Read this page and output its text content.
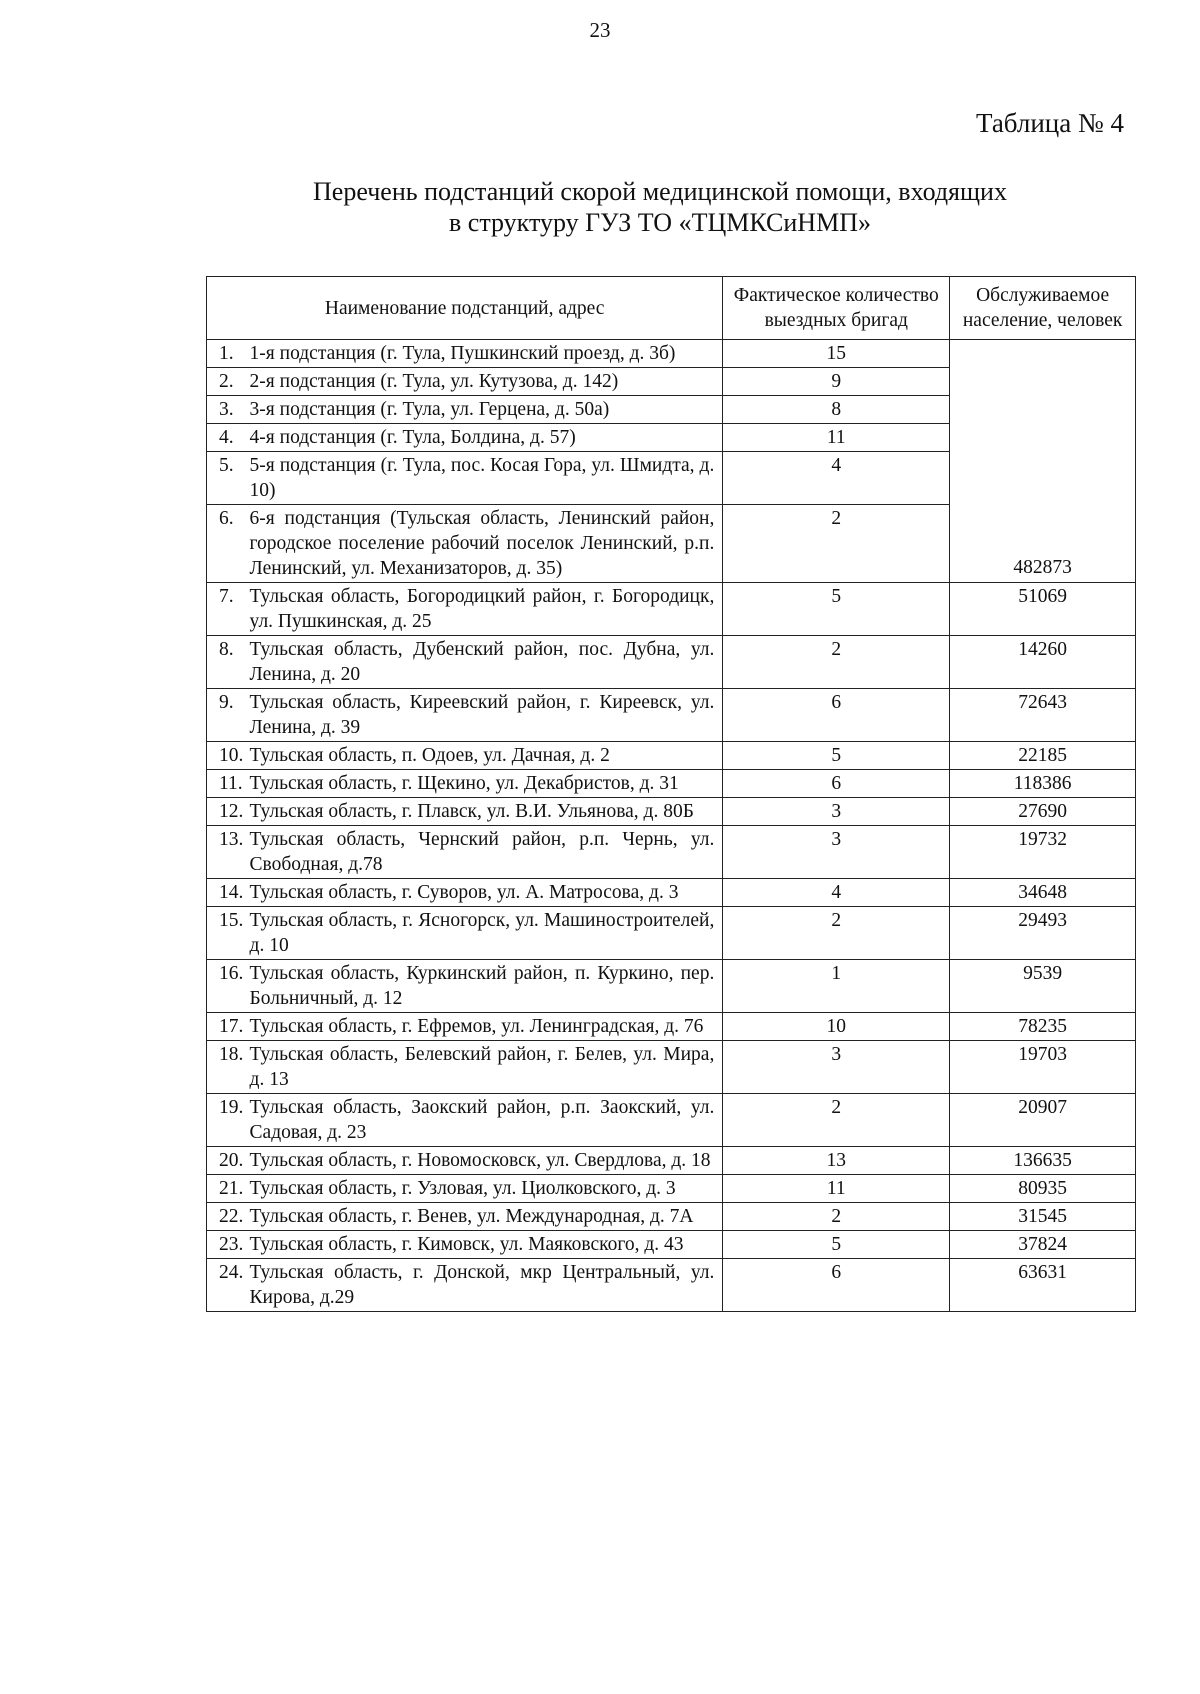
23
Таблица № 4
Перечень подстанций скорой медицинской помощи, входящих
в структуру ГУЗ ТО «ТЦМКСиНМП»
Наименование подстанций, адрес		Фактическое количество выездных бригад	Обслуживаемое население, человек
1.	1-я подстанция (г. Тула, Пушкинский проезд, д. 3б)	15	482873
2.	2-я подстанция (г. Тула, ул. Кутузова, д. 142)	9	
3.	3-я подстанция (г. Тула, ул. Герцена, д. 50а)	8	
4.	4-я подстанция (г. Тула, Болдина, д. 57)	11	
5.	5-я подстанция (г. Тула, пос. Косая Гора, ул. Шмидта, д. 10)	4	
6.	6-я подстанция (Тульская область, Ленинский район, городское поселение рабочий поселок Ленинский, р.п. Ленинский, ул. Механизаторов, д. 35)	2	
7.	Тульская область, Богородицкий район, г. Богородицк, ул. Пушкинская, д. 25	5	51069
8.	Тульская область, Дубенский район, пос. Дубна, ул. Ленина, д. 20	2	14260
9.	Тульская область, Киреевский район, г. Киреевск, ул. Ленина, д. 39	6	72643
10.	Тульская область, п. Одоев, ул. Дачная, д. 2	5	22185
11.	Тульская область, г. Щекино, ул. Декабристов, д. 31	6	118386
12.	Тульская область, г. Плавск, ул. В.И. Ульянова, д. 80Б	3	27690
13.	Тульская область, Чернский район, р.п. Чернь, ул. Свободная, д.78	3	19732
14.	Тульская область, г. Суворов, ул. А. Матросова, д. 3	4	34648
15.	Тульская область, г. Ясногорск, ул. Машиностроителей, д. 10	2	29493
16.	Тульская область, Куркинский район, п. Куркино, пер. Больничный, д. 12	1	9539
17.	Тульская область, г. Ефремов, ул. Ленинградская, д. 76	10	78235
18.	Тульская область, Белевский район, г. Белев, ул. Мира, д. 13	3	19703
19.	Тульская область, Заокский район, р.п. Заокский, ул. Садовая, д. 23	2	20907
20.	Тульская область, г. Новомосковск, ул. Свердлова, д. 18	13	136635
21.	Тульская область, г. Узловая, ул. Циолковского, д. 3	11	80935
22.	Тульская область, г. Венев, ул. Международная, д. 7А	2	31545
23.	Тульская область, г. Кимовск, ул. Маяковского, д. 43	5	37824
24.	Тульская область, г. Донской, мкр Центральный, ул. Кирова, д.29	6	63631
